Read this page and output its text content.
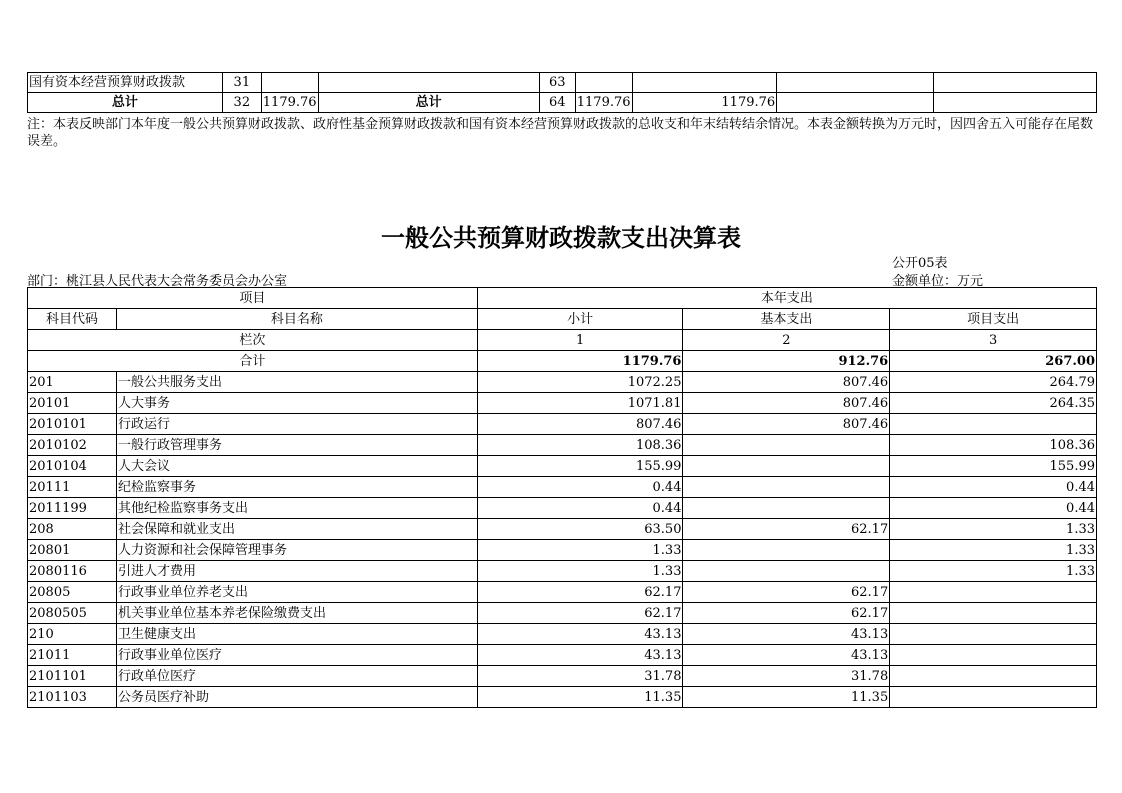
国有资本经营预算财政拨款	31			63				
总计	32	1179.76	总计	64	1179.76	1179.76		
注：本表反映部门本年度一般公共预算财政拨款、政府性基金预算财政拨款和国有资本经营预算财政拨款的总收支和年末结转结余情况。本表金额转换为万元时，因四舍五入可能存在尾数误差。
一般公共预算财政拨款支出决算表
公开05表
部门：桃江县人民代表大会常务委员会办公室	金额单位：万元
项目		本年支出		
科目代码	科目名称	小计	基本支出	项目支出
栏次		1	2	3
合计		1179.76	912.76	267.00
201	一般公共服务支出	1072.25	807.46	264.79
20101	人大事务	1071.81	807.46	264.35
2010101	行政运行	807.46	807.46	
2010102	一般行政管理事务	108.36		108.36
2010104	人大会议	155.99		155.99
20111	纪检监察事务	0.44		0.44
2011199	其他纪检监察事务支出	0.44		0.44
208	社会保障和就业支出	63.50	62.17	1.33
20801	人力资源和社会保障管理事务	1.33		1.33
2080116	引进人才费用	1.33		1.33
20805	行政事业单位养老支出	62.17	62.17	
2080505	机关事业单位基本养老保险缴费支出	62.17	62.17	
210	卫生健康支出	43.13	43.13	
21011	行政事业单位医疗	43.13	43.13	
2101101	行政单位医疗	31.78	31.78	
2101103	公务员医疗补助	11.35	11.35	
